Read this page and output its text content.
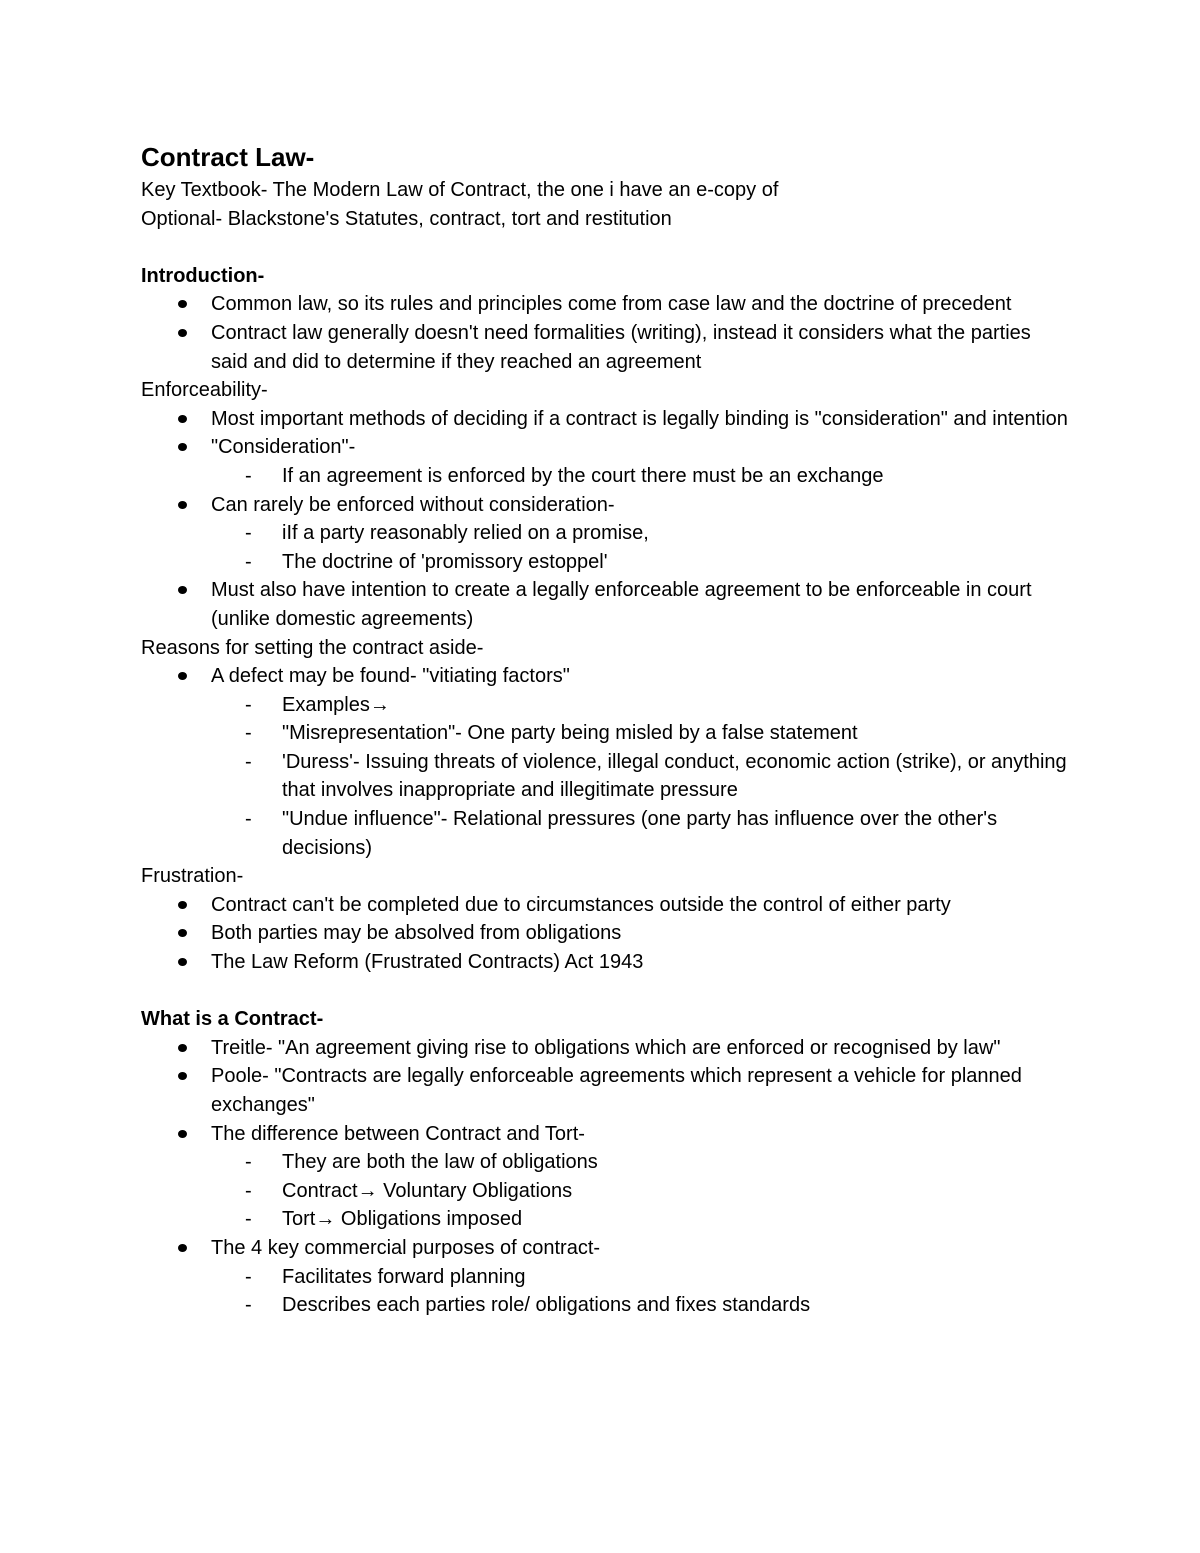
Contract Law-

Key Textbook- The Modern Law of Contract, the one i have an e-copy of

Optional- Blackstone's Statutes, contract, tort and restitution

Introduction-

Common law, so its rules and principles come from case law and the doctrine of precedent
Contract law generally doesn't need formalities (writing), instead it considers what the parties said and did to determine if they reached an agreement

Enforceability-

Most important methods of deciding if a contract is legally binding is "consideration" and intention
"Consideration"-
- If an agreement is enforced by the court there must be an exchange
Can rarely be enforced without consideration-
- iIf a party reasonably relied on a promise,
- The doctrine of 'promissory estoppel'
Must also have intention to create a legally enforceable agreement to be enforceable in court (unlike domestic agreements)

Reasons for setting the contract aside-

A defect may be found- "vitiating factors"
- Examples→
- "Misrepresentation"- One party being misled by a false statement
- 'Duress'- Issuing threats of violence, illegal conduct, economic action (strike), or anything that involves inappropriate and illegitimate pressure
- "Undue influence"- Relational pressures (one party has influence over the other's decisions)

Frustration-

Contract can't be completed due to circumstances outside the control of either party
Both parties may be absolved from obligations
The Law Reform (Frustrated Contracts) Act 1943

What is a Contract-

Treitle- "An agreement giving rise to obligations which are enforced or recognised by law"
Poole- "Contracts are legally enforceable agreements which represent a vehicle for planned exchanges"
The difference between Contract and Tort-
- They are both the law of obligations
- Contract→ Voluntary Obligations
- Tort→ Obligations imposed
The 4 key commercial purposes of contract-
- Facilitates forward planning
- Describes each parties role/ obligations and fixes standards
